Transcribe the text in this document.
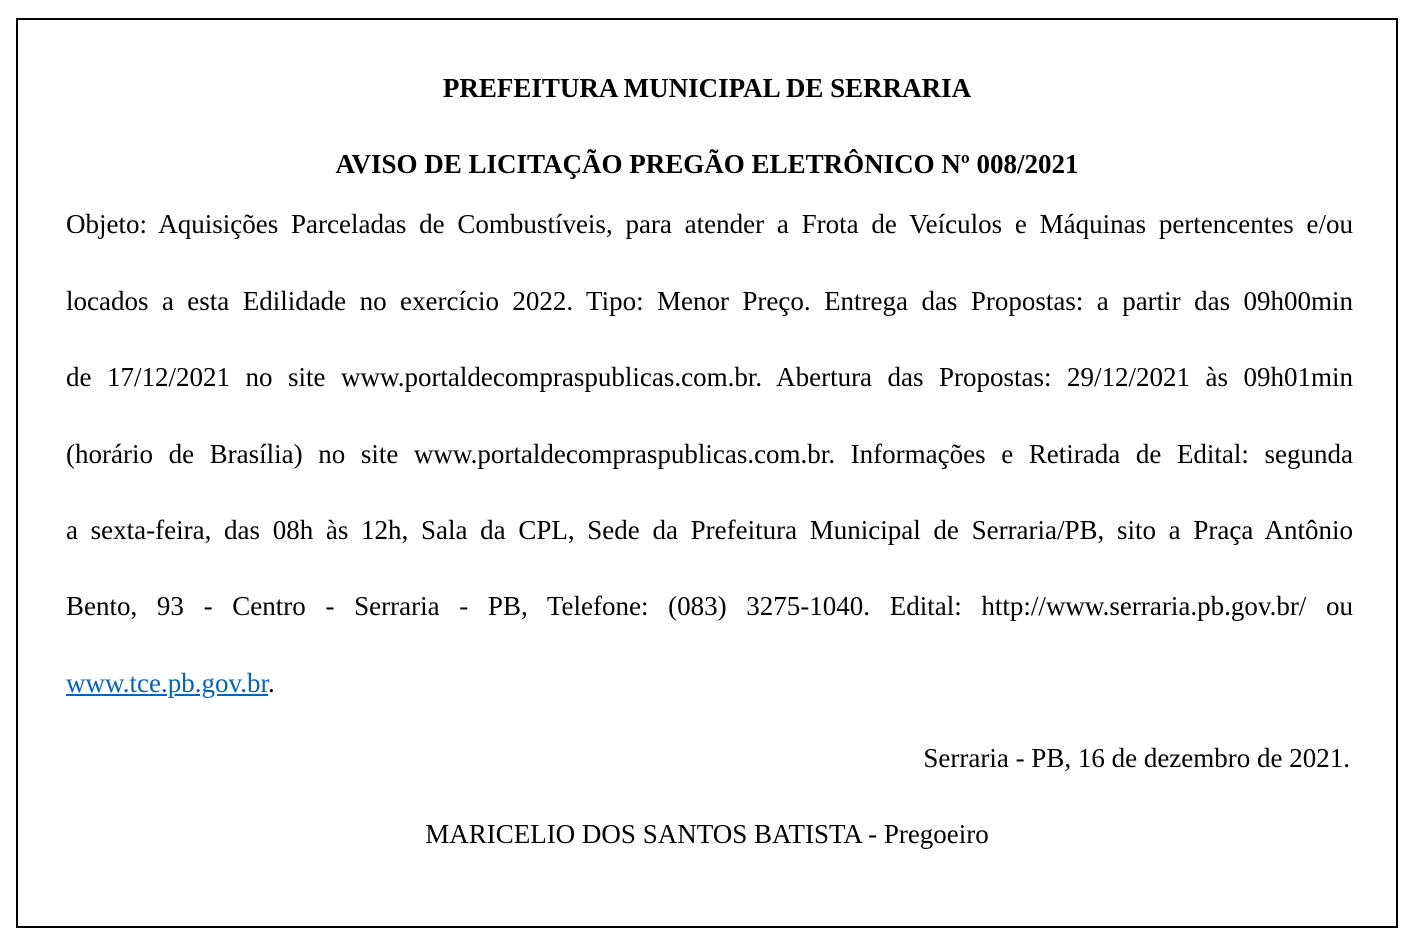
PREFEITURA MUNICIPAL DE SERRARIA
AVISO DE LICITAÇÃO PREGÃO ELETRÔNICO Nº 008/2021
Objeto: Aquisições Parceladas de Combustíveis, para atender a Frota de Veículos e Máquinas pertencentes e/ou
locados a esta Edilidade no exercício 2022. Tipo: Menor Preço. Entrega das Propostas: a partir das 09h00min
de 17/12/2021 no site www.portaldecompraspublicas.com.br. Abertura das Propostas: 29/12/2021 às 09h01min
(horário de Brasília) no site www.portaldecompraspublicas.com.br. Informações e Retirada de Edital: segunda
a sexta-feira, das 08h às 12h, Sala da CPL, Sede da Prefeitura Municipal de Serraria/PB, sito a Praça Antônio
Bento, 93 - Centro - Serraria - PB, Telefone: (083) 3275-1040. Edital: http://www.serraria.pb.gov.br/ ou
www.tce.pb.gov.br.
Serraria - PB, 16 de dezembro de 2021.
MARICELIO DOS SANTOS BATISTA - Pregoeiro
